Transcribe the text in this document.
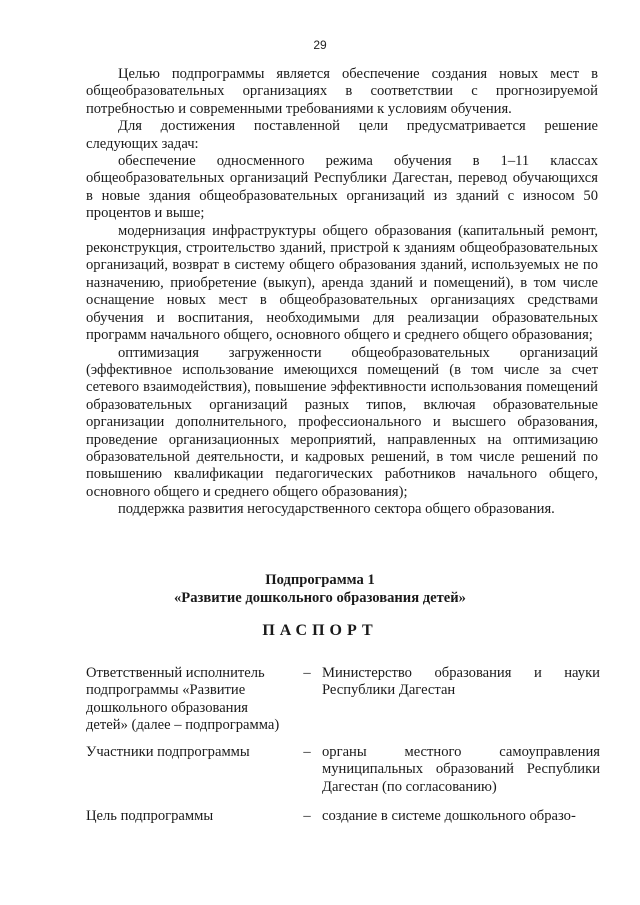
29

Целью подпрограммы является обеспечение создания новых мест в общеобразовательных организациях в соответствии с прогнозируемой потребностью и современными требованиями к условиям обучения.

Для достижения поставленной цели предусматривается решение следующих задач:

обеспечение односменного режима обучения в 1–11 классах общеобразовательных организаций Республики Дагестан, перевод обучающихся в новые здания общеобразовательных организаций из зданий с износом 50 процентов и выше;

модернизация инфраструктуры общего образования (капитальный ремонт, реконструкция, строительство зданий, пристрой к зданиям общеобразовательных организаций, возврат в систему общего образования зданий, используемых не по назначению, приобретение (выкуп), аренда зданий и помещений), в том числе оснащение новых мест в общеобразовательных организациях средствами обучения и воспитания, необходимыми для реализации образовательных программ начального общего, основного общего и среднего общего образования;

оптимизация загруженности общеобразовательных организаций (эффективное использование имеющихся помещений (в том числе за счет сетевого взаимодействия), повышение эффективности использования помещений образовательных организаций разных типов, включая образовательные организации дополнительного, профессионального и высшего образования, проведение организационных мероприятий, направленных на оптимизацию образовательной деятельности, и кадровых решений, в том числе решений по повышению квалификации педагогических работников начального общего, основного общего и среднего общего образования);

поддержка развития негосударственного сектора общего образования.

Подпрограмма 1
«Развитие дошкольного образования детей»
ПАСПОРТ
Ответственный исполнитель подпрограммы «Развитие дошкольного образования детей» (далее – подпрограмма)
– Министерство образования и науки Республики Дагестан
Участники подпрограммы	– органы местного самоуправления муниципальных образований Республики Дагестан (по согласованию)
Цель подпрограммы	– создание в системе дошкольного образо-
